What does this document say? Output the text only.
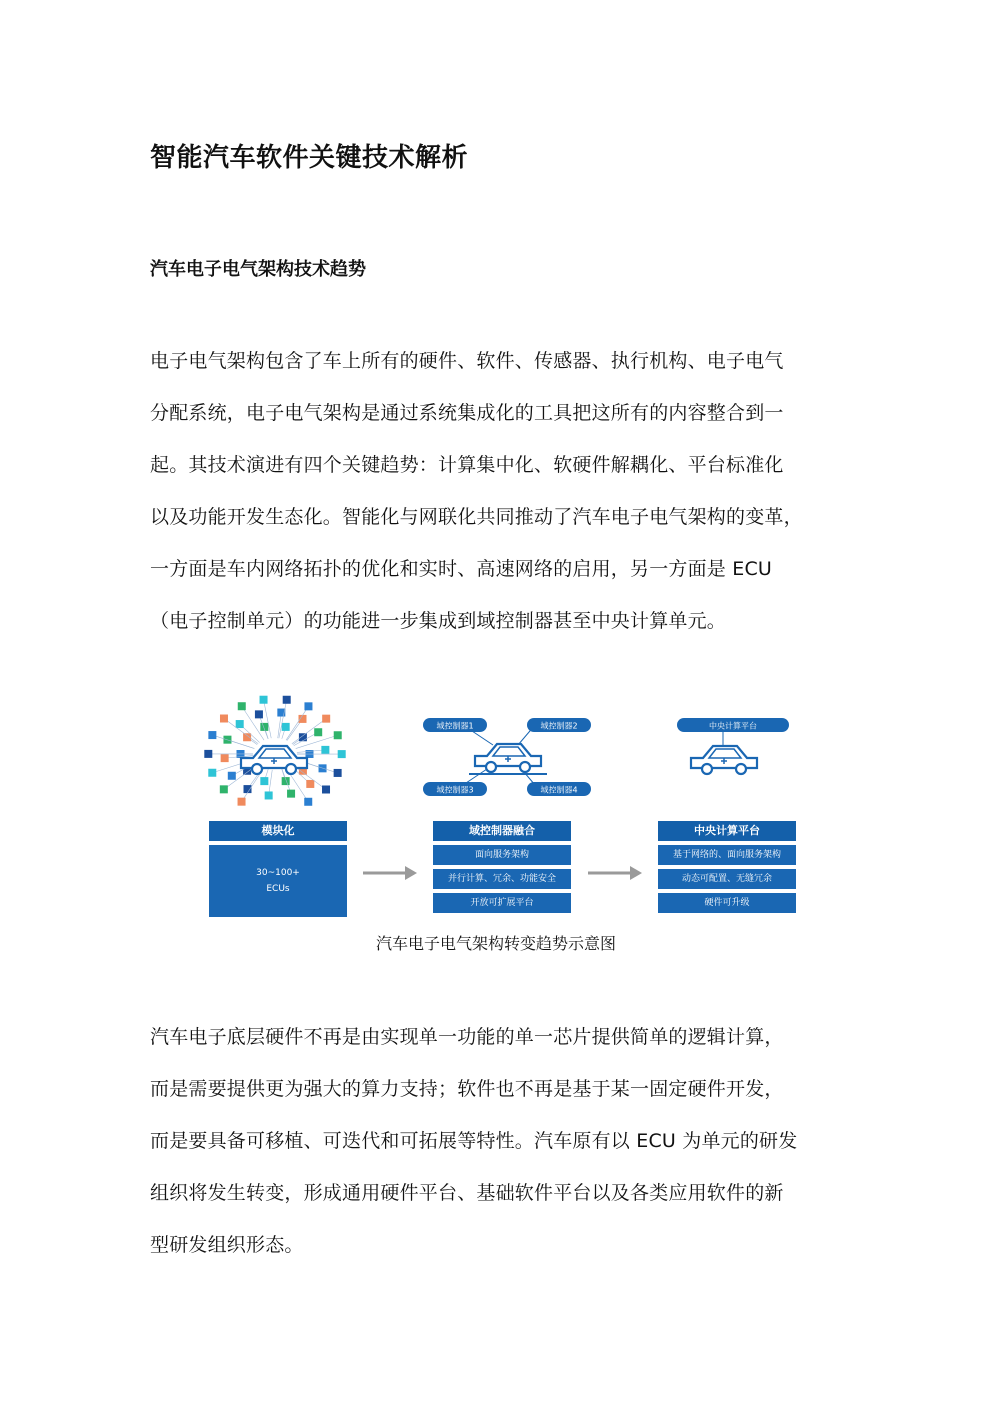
智能汽车软件关键技术解析
汽车电子电气架构技术趋势
电子电气架构包含了车上所有的硬件、软件、传感器、执行机构、电子电气
分配系统，电子电气架构是通过系统集成化的工具把这所有的内容整合到一
起。其技术演进有四个关键趋势：计算集中化、软硬件解耦化、平台标准化
以及功能开发生态化。智能化与网联化共同推动了汽车电子电气架构的变革，
一方面是车内网络拓扑的优化和实时、高速网络的启用，另一方面是 ECU
（电子控制单元）的功能进一步集成到域控制器甚至中央计算单元。
域控制器1	域控制器2
域控制器3	域控制器4
中央计算平台
模块化
30~100+
ECUs
域控制器融合
面向服务架构
并行计算、冗余、功能安全
开放可扩展平台
中央计算平台
基于网络的、面向服务架构
动态可配置、无缝冗余
硬件可升级
汽车电子电气架构转变趋势示意图
汽车电子底层硬件不再是由实现单一功能的单一芯片提供简单的逻辑计算，
而是需要提供更为强大的算力支持；软件也不再是基于某一固定硬件开发，
而是要具备可移植、可迭代和可拓展等特性。汽车原有以 ECU 为单元的研发
组织将发生转变，形成通用硬件平台、基础软件平台以及各类应用软件的新
型研发组织形态。
